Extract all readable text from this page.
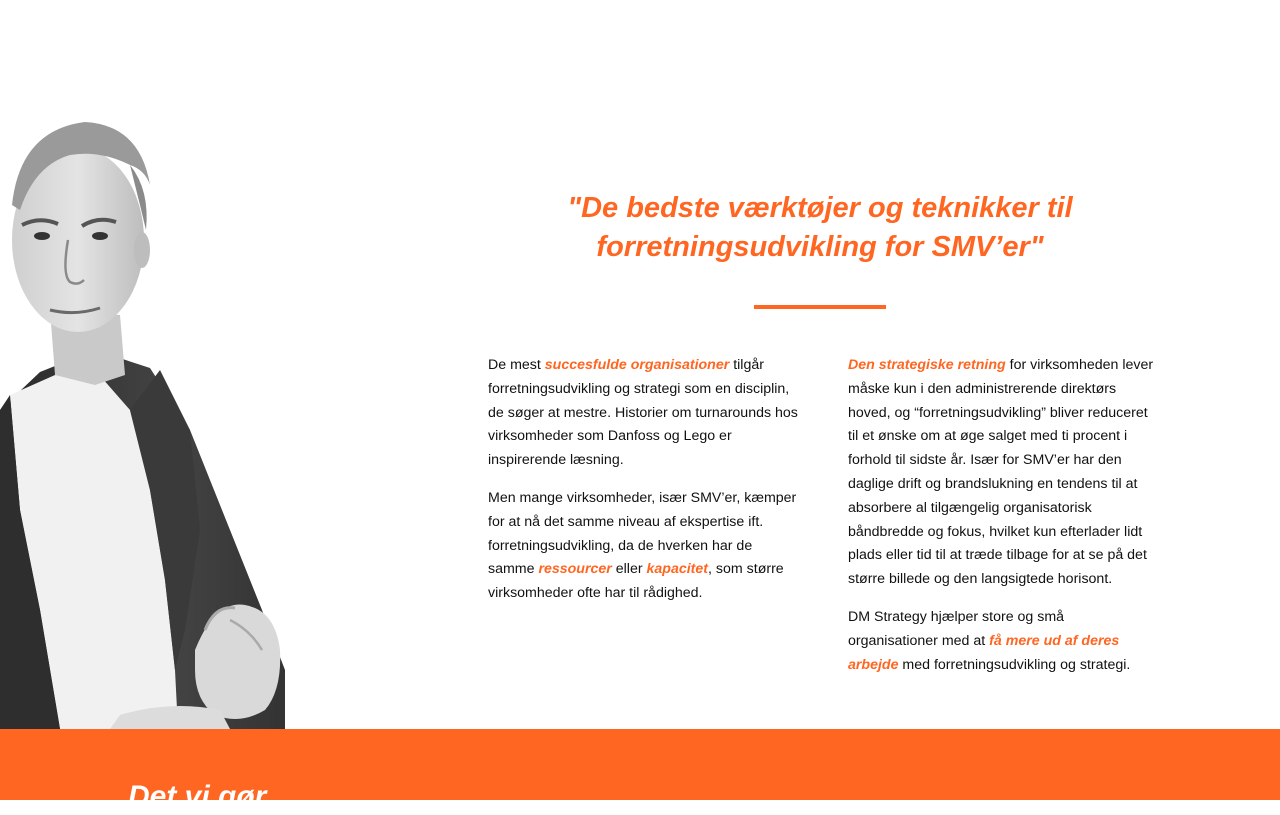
"De bedste værktøjer og teknikker til forretningsudvikling for SMV’er"

De mest succesfulde organisationer tilgår forretningsudvikling og strategi som en disciplin, de søger at mestre. Historier om turnarounds hos virksomheder som Danfoss og Lego er inspirerende læsning.

Men mange virksomheder, især SMV’er, kæmper for at nå det samme niveau af ekspertise ift. forretningsudvikling, da de hverken har de samme ressourcer eller kapacitet, som større virksomheder ofte har til rådighed.

Den strategiske retning for virksomheden lever måske kun i den administrerende direktørs hoved, og “forretningsudvikling” bliver reduceret til et ønske om at øge salget med ti procent i forhold til sidste år. Især for SMV’er har den daglige drift og brandslukning en tendens til at absorbere al tilgængelig organisatorisk båndbredde og fokus, hvilket kun efterlader lidt plads eller tid til at træde tilbage for at se på det større billede og den langsigtede horisont.

DM Strategy hjælper store og små organisationer med at få mere ud af deres arbejde med forretningsudvikling og strategi.

Det vi gør
